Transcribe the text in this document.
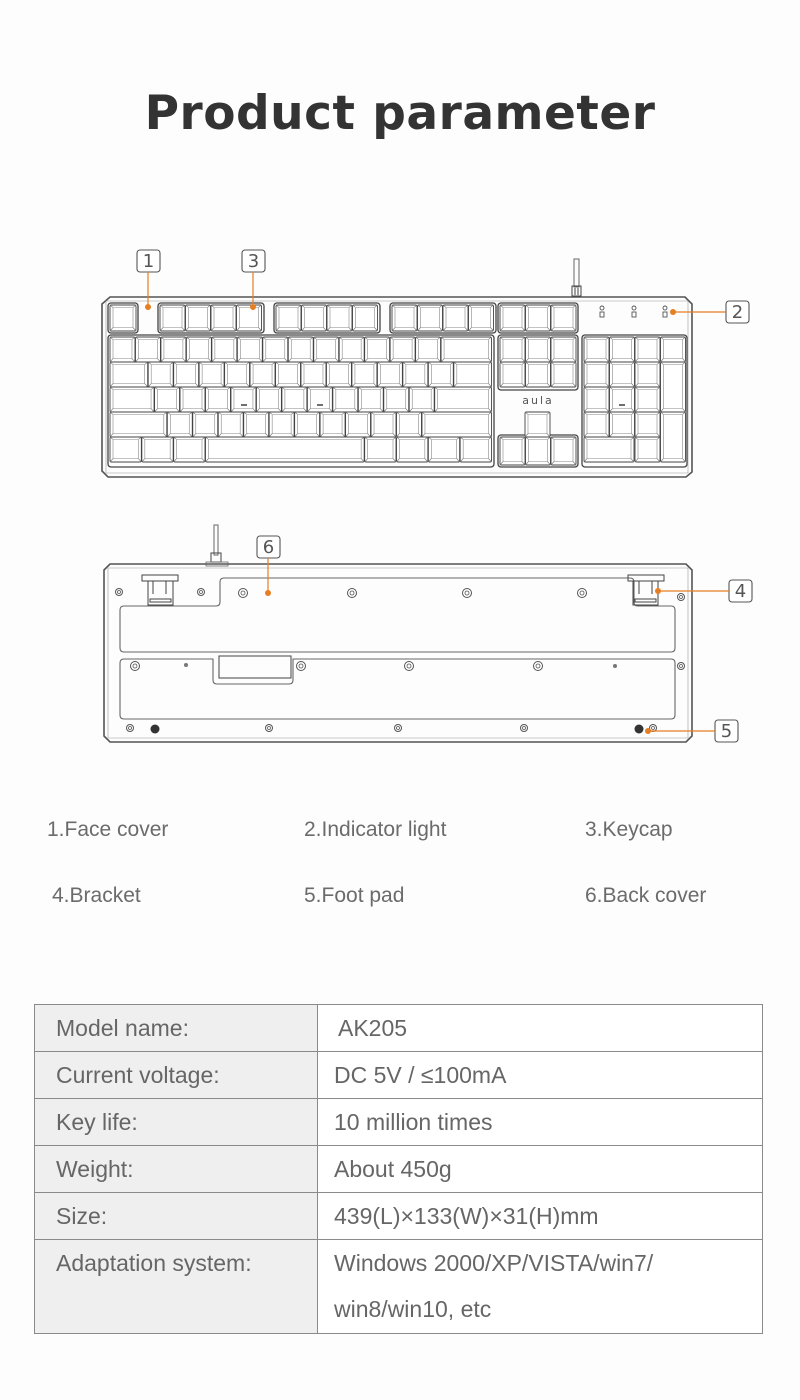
Product parameter
aula
1	3
2
6
4
5
1.Face cover	2.Indicator light	3.Keycap
4.Bracket	5.Foot pad	6.Back cover
Model name:	AK205

Current voltage:	DC 5V / ≤100mA

Key life:	10 million times

Weight:	About 450g

Size:	439(L)×133(W)×31(H)mm

Adaptation system:	Windows 2000/XP/VISTA/win7/
win8/win10, etc
